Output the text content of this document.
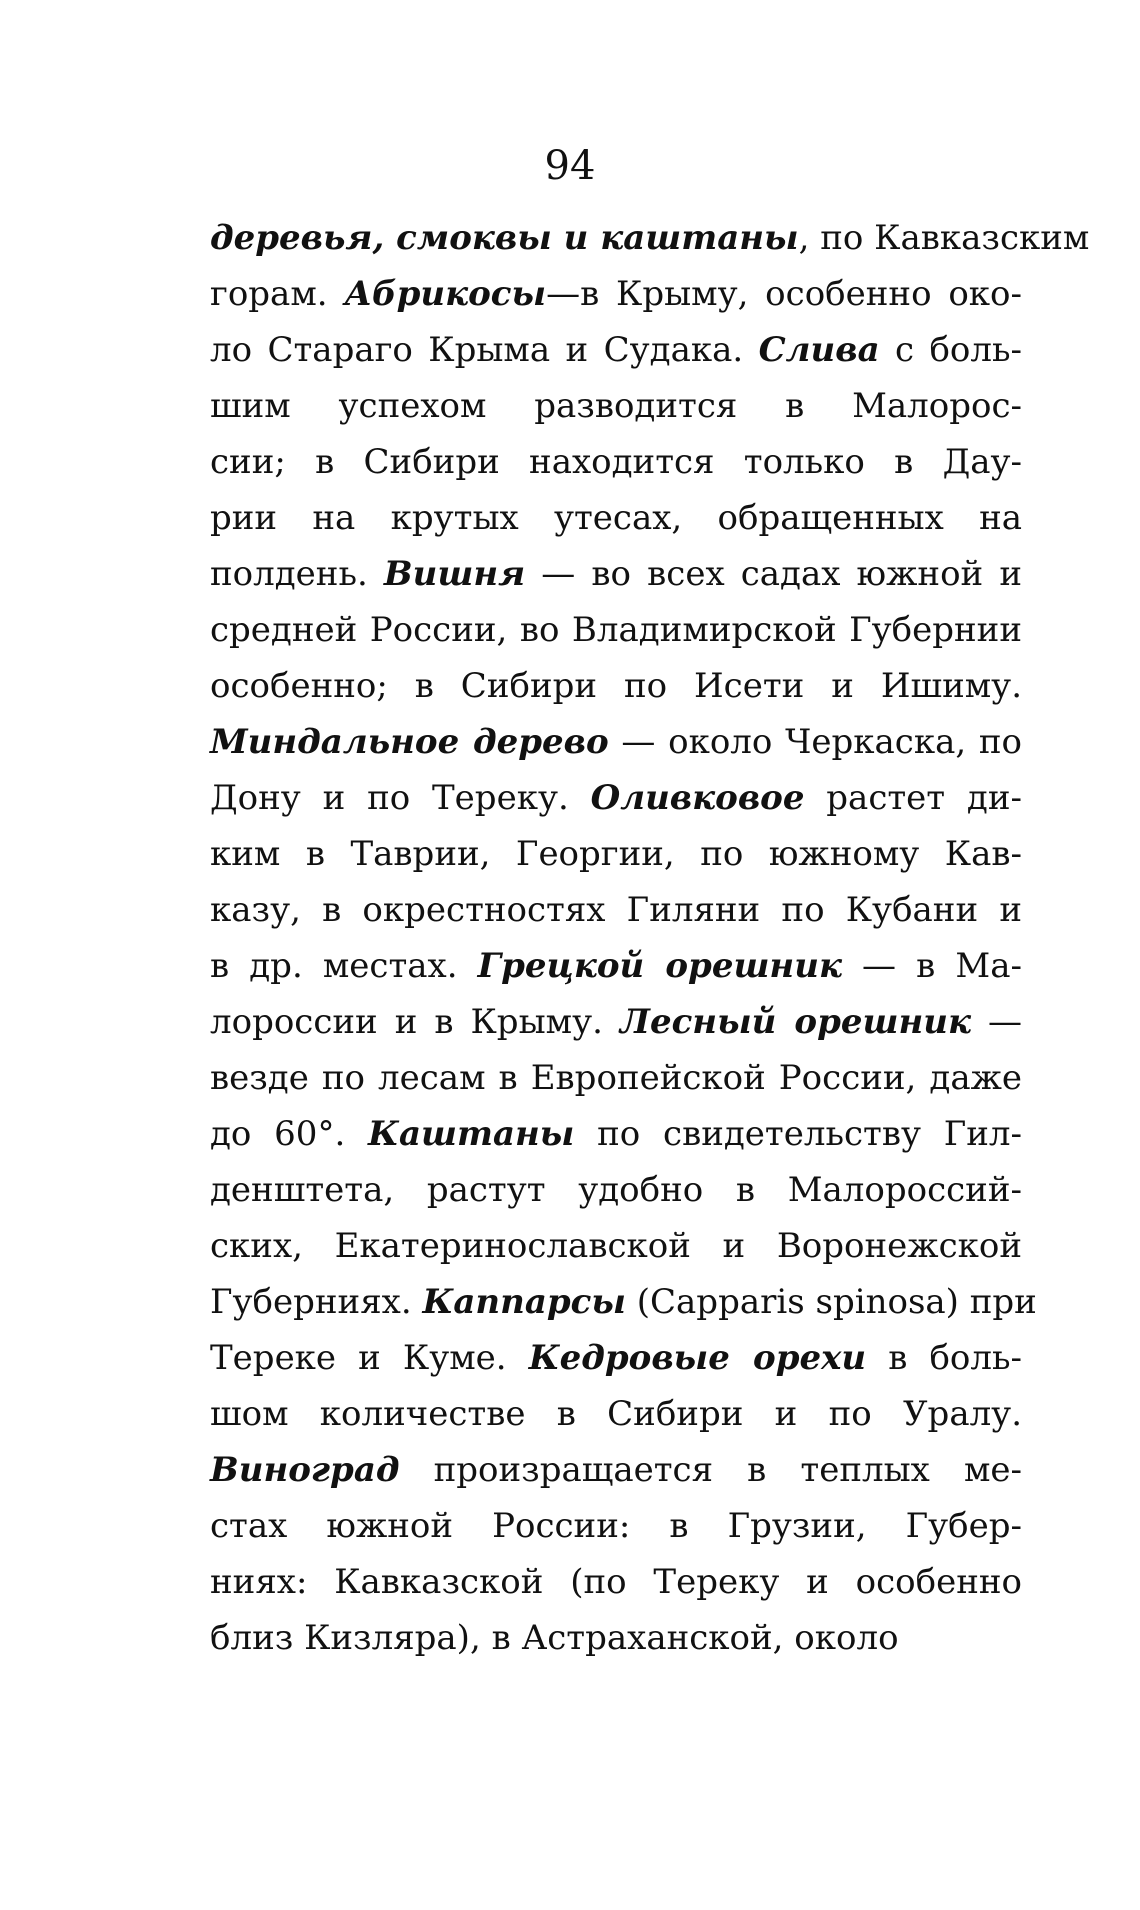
94
деревья, смоквы и каштаны, по Кавказским
горам. Абрикосы—в Крыму, особенно око-
ло Стараго Крыма и Судака. Слива с боль-
шим успехом разводится в Малорос-
сии; в Сибири находится только в Дау-
рии на крутых утесах, обращенных на
полдень. Вишня — во всех садах южной и
средней России, во Владимирской Губернии
особенно; в Сибири по Исети и Ишиму.
Миндальное дерево — около Черкаска, по
Дону и по Тереку. Оливковое растет ди-
ким в Таврии, Георгии, по южному Кав-
казу, в окрестностях Гиляни по Кубани и
в др. местах. Грецкой орешник — в Ма-
лороссии и в Крыму. Лесный орешник —
везде по лесам в Европейской России, даже
до 60°. Каштаны по свидетельству Гил-
денштета, растут удобно в Малороссий-
ских, Екатеринославской и Воронежской
Губерниях. Каппарсы (Capparis spinosa) при
Тереке и Куме. Кедровые орехи в боль-
шом количестве в Сибири и по Уралу.
Виноград произращается в теплых ме-
стах южной России: в Грузии, Губер-
ниях: Кавказской (по Тереку и особенно
близ Кизляра), в Астраханской, около
